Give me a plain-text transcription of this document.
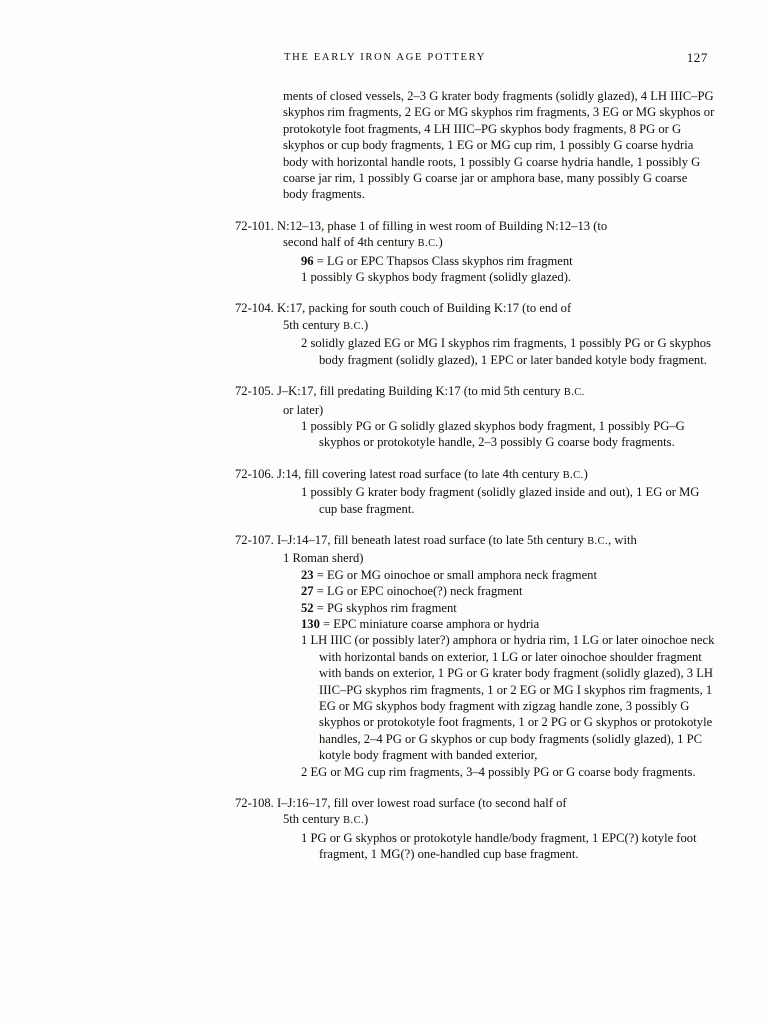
THE EARLY IRON AGE POTTERY	127
ments of closed vessels, 2–3 G krater body fragments (solidly glazed), 4 LH IIIC–PG skyphos rim fragments, 2 EG or MG skyphos rim fragments, 3 EG or MG skyphos or protokotyle foot fragments, 4 LH IIIC–PG skyphos body fragments, 8 PG or G skyphos or cup body fragments, 1 EG or MG cup rim, 1 possibly G coarse hydria body with horizontal handle roots, 1 possibly G coarse hydria handle, 1 possibly G coarse jar rim, 1 possibly G coarse jar or amphora base, many possibly G coarse body fragments.
72-101. N:12–13, phase 1 of filling in west room of Building N:12–13 (to
second half of 4th century B.C.)
96 = LG or EPC Thapsos Class skyphos rim fragment
1 possibly G skyphos body fragment (solidly glazed).
72-104. K:17, packing for south couch of Building K:17 (to end of
5th century B.C.)
2 solidly glazed EG or MG I skyphos rim fragments, 1 possibly PG or G skyphos body fragment (solidly glazed), 1 EPC or later banded kotyle body fragment.
72-105. J–K:17, fill predating Building K:17 (to mid 5th century B.C.
or later)
1 possibly PG or G solidly glazed skyphos body fragment, 1 possibly PG–G skyphos or protokotyle handle, 2–3 possibly G coarse body fragments.
72-106. J:14, fill covering latest road surface (to late 4th century B.C.)
1 possibly G krater body fragment (solidly glazed inside and out), 1 EG or MG cup base fragment.
72-107. I–J:14–17, fill beneath latest road surface (to late 5th century B.C., with
1 Roman sherd)
23 = EG or MG oinochoe or small amphora neck fragment
27 = LG or EPC oinochoe(?) neck fragment
52 = PG skyphos rim fragment
130 = EPC miniature coarse amphora or hydria
1 LH IIIC (or possibly later?) amphora or hydria rim, 1 LG or later oinochoe neck with horizontal bands on exterior, 1 LG or later oinochoe shoulder fragment with bands on exterior, 1 PG or G krater body fragment (solidly glazed), 3 LH IIIC–PG skyphos rim fragments, 1 or 2 EG or MG I skyphos rim fragments, 1 EG or MG skyphos body fragment with zigzag handle zone, 3 possibly G skyphos or protokotyle foot fragments, 1 or 2 PG or G skyphos or protokotyle handles, 2–4 PG or G skyphos or cup body fragments (solidly glazed), 1 PC kotyle body fragment with banded exterior,
2 EG or MG cup rim fragments, 3–4 possibly PG or G coarse body fragments.
72-108. I–J:16–17, fill over lowest road surface (to second half of
5th century B.C.)
1 PG or G skyphos or protokotyle handle/body fragment, 1 EPC(?) kotyle foot fragment, 1 MG(?) one-handled cup base fragment.
